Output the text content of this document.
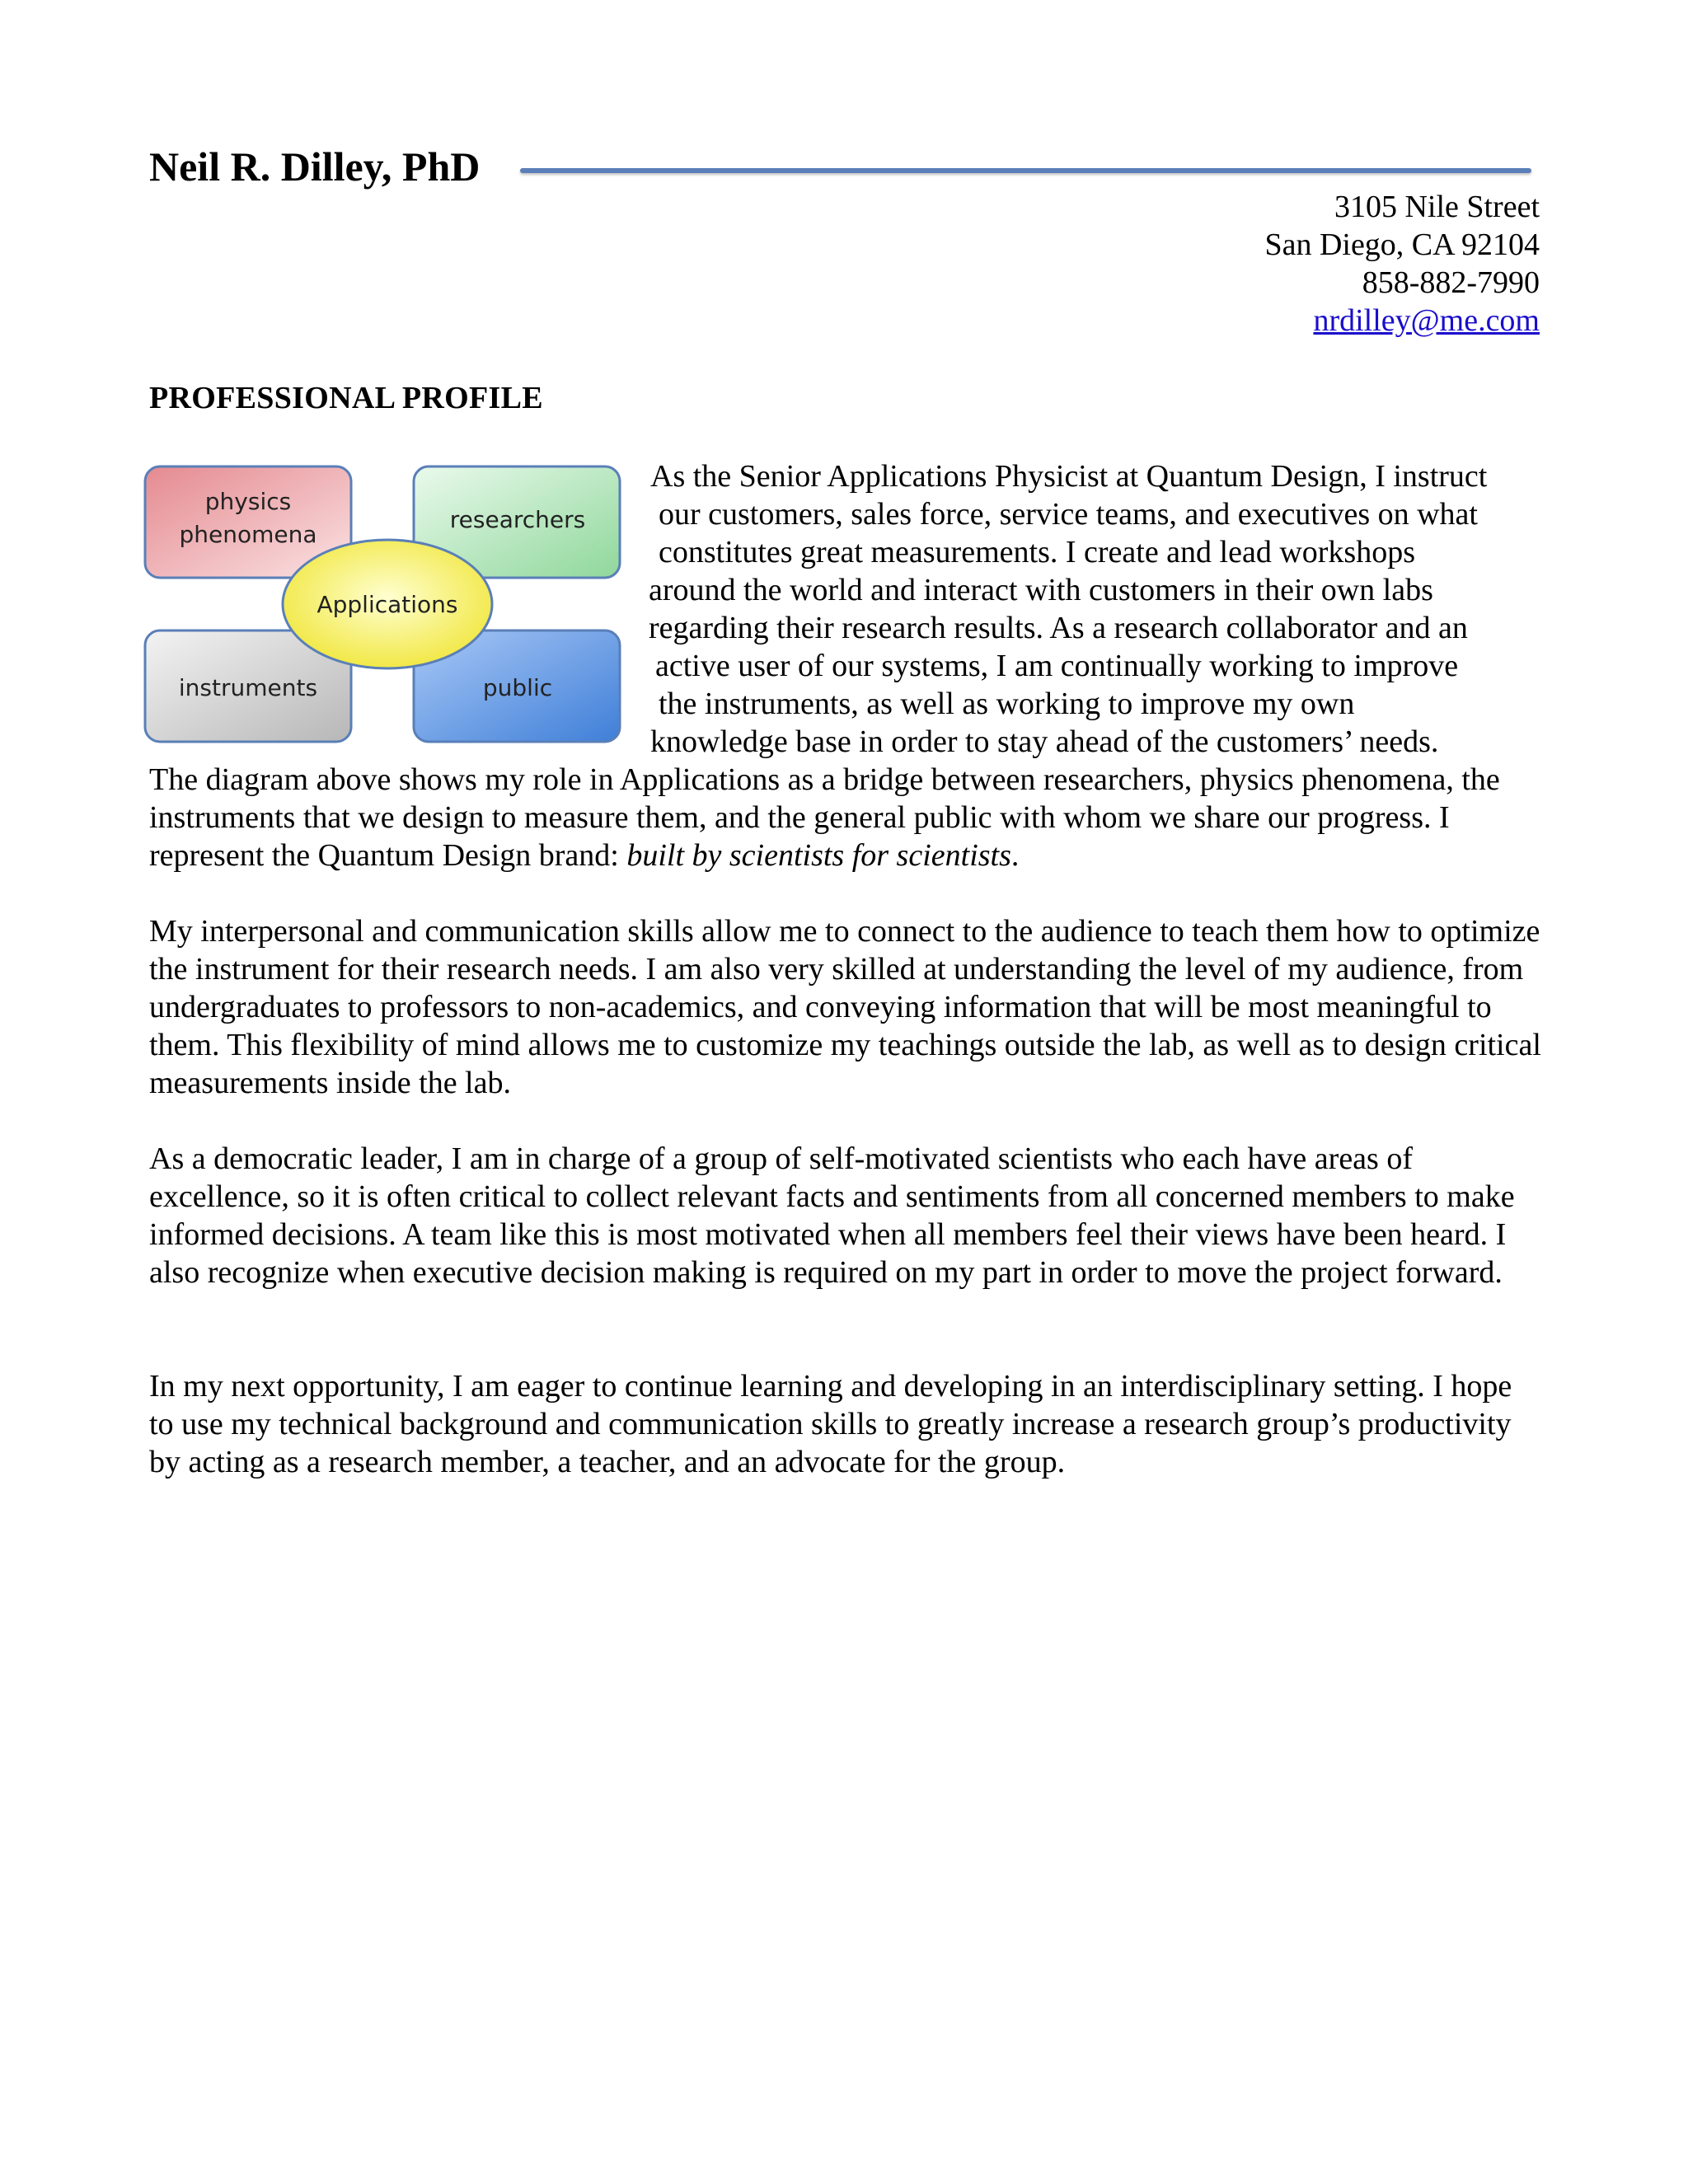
Neil R. Dilley, PhD
3105 Nile Street
San Diego, CA 92104
858-882-7990
nrdilley@me.com
PROFESSIONAL PROFILE
physics
phenomena
researchers
instruments	public
Applications
As the Senior Applications Physicist at Quantum Design, I instruct
our customers, sales force, service teams, and executives on what
constitutes great measurements. I create and lead workshops
around the world and interact with customers in their own labs
regarding their research results. As a research collaborator and an
active user of our systems, I am continually working to improve
the instruments, as well as working to improve my own
knowledge base in order to stay ahead of the customers’ needs.

The diagram above shows my role in Applications as a bridge between researchers, physics phenomena, the instruments that we design to measure them, and the general public with whom we share our progress. I represent the Quantum Design brand: built by scientists for scientists.

My interpersonal and communication skills allow me to connect to the audience to teach them how to optimize the instrument for their research needs. I am also very skilled at understanding the level of my audience, from undergraduates to professors to non-academics, and conveying information that will be most meaningful to them. This flexibility of mind allows me to customize my teachings outside the lab, as well as to design critical measurements inside the lab.

As a democratic leader, I am in charge of a group of self-motivated scientists who each have areas of excellence, so it is often critical to collect relevant facts and sentiments from all concerned members to make informed decisions. A team like this is most motivated when all members feel their views have been heard. I also recognize when executive decision making is required on my part in order to move the project forward.

In my next opportunity, I am eager to continue learning and developing in an interdisciplinary setting. I hope to use my technical background and communication skills to greatly increase a research group’s productivity by acting as a research member, a teacher, and an advocate for the group.
